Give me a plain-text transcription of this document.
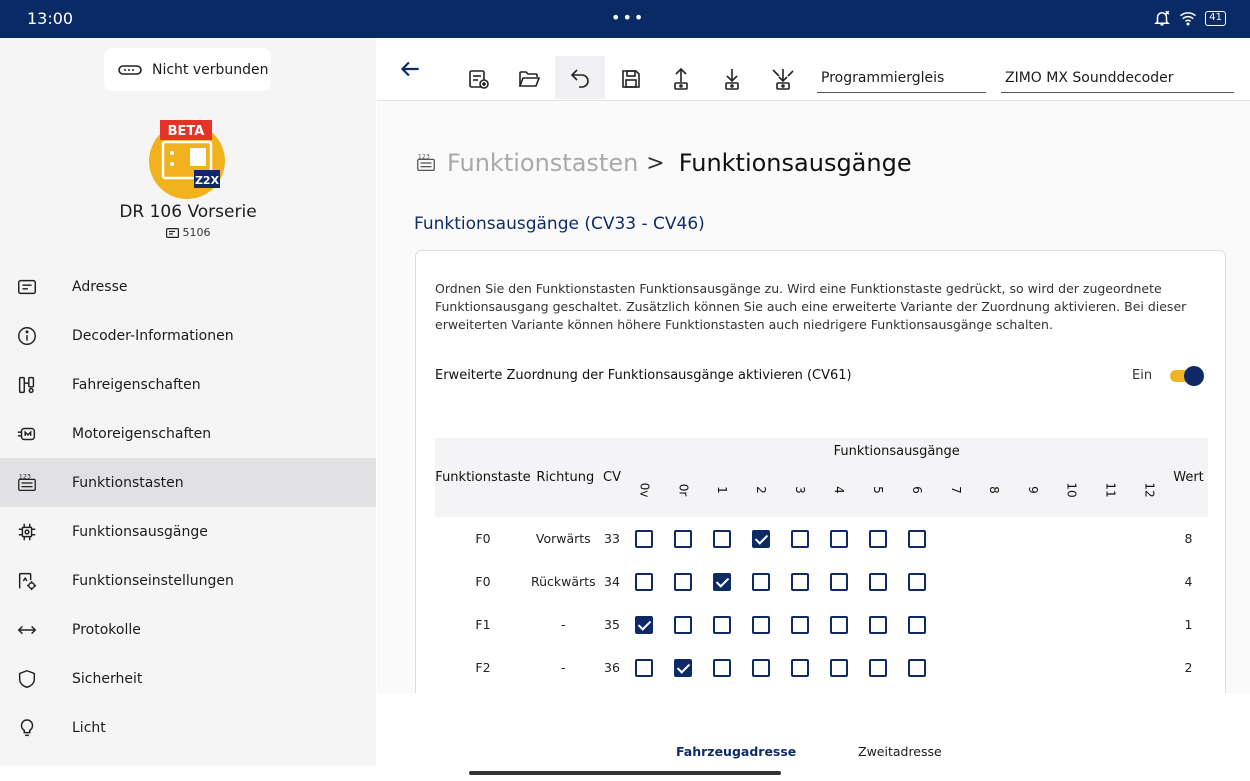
13:00	•••	41
Nicht verbunden
BETA
Z2X
DR 106 Vorserie
5106
Adresse
Decoder-Informationen
Fahreigenschaften
Motoreigenschaften
123	Funktionstasten
Funktionsausgänge
Funktionseinstellungen
Protokolle
Sicherheit
Licht
Programmiergleis	ZIMO MX Sounddecoder
123 Funktionstasten > Funktionsausgänge
Funktionsausgänge (CV33 - CV46)
Ordnen Sie den Funktionstasten Funktionsausgänge zu. Wird eine Funktionstaste gedrückt, so wird der zugeordnete Funktionsausgang geschaltet. Zusätzlich können Sie auch eine erweiterte Variante der Zuordnung aktivieren. Bei dieser erweiterten Variante können höhere Funktionstasten auch niedrigere Funktionsausgänge schalten.
Erweiterte Zuordnung der Funktionsausgänge aktivieren (CV61)	Ein
Funktionstaste	Richtung	CV	Funktionsausgänge														Wert
			0v	0r	1	2	3	4	5	6	7	8	9	10	11	12	
F0	Vorwärts	33															8
F0	Rückwärts	34															4
F1	-	35															1
F2	-	36															2
Fahrzeugadresse	Zweitadresse
